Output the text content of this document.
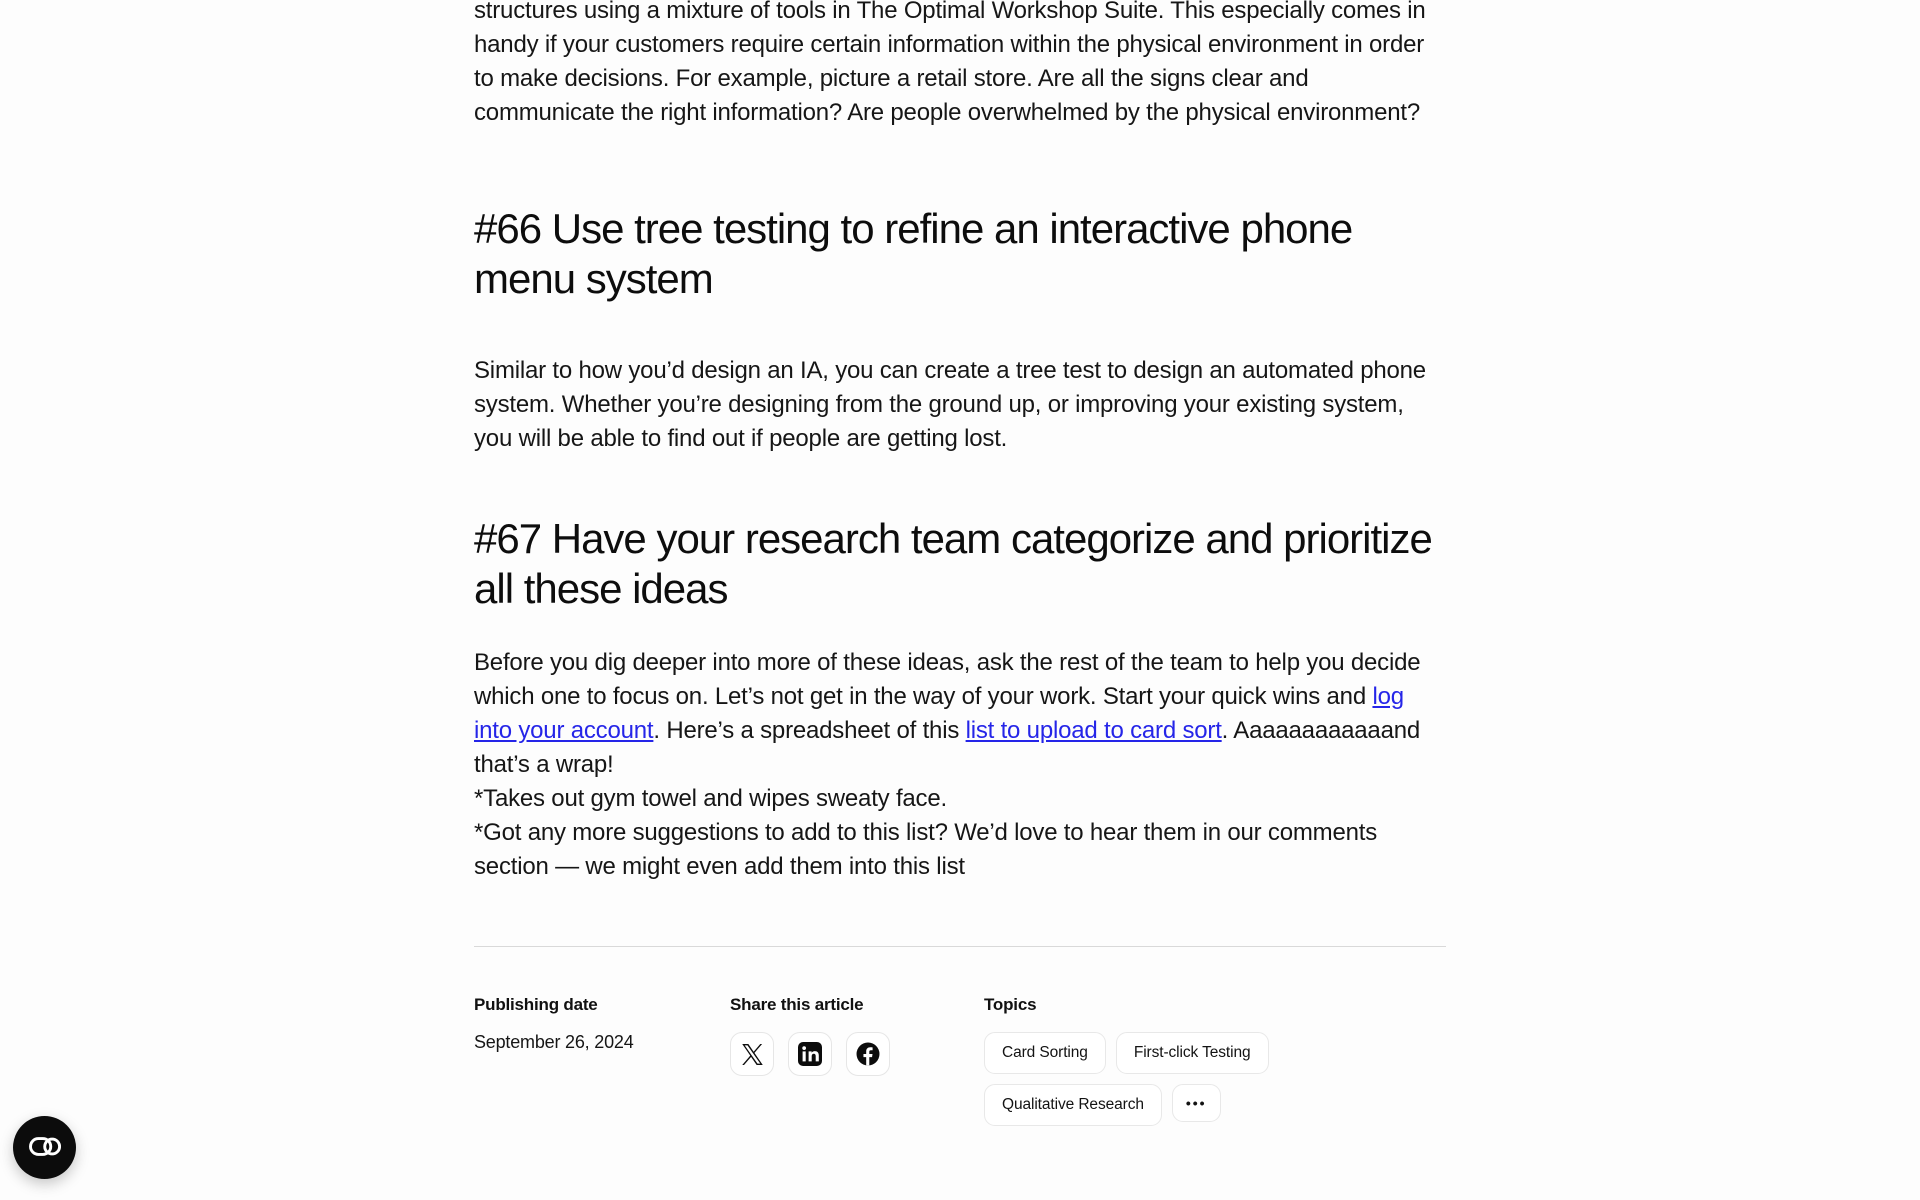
structures using a mixture of tools in The Optimal Workshop Suite. This especially comes in handy if your customers require certain information within the physical environment in order to make decisions. For example, picture a retail store. Are all the signs clear and communicate the right information? Are people overwhelmed by the physical environment?

#66 Use tree testing to refine an interactive phone menu system

Similar to how you’d design an IA, you can create a tree test to design an automated phone system. Whether you’re designing from the ground up, or improving your existing system, you will be able to find out if people are getting lost.

#67 Have your research team categorize and prioritize all these ideas

Before you dig deeper into more of these ideas, ask the rest of the team to help you decide which one to focus on. Let’s not get in the way of your work. Start your quick wins and log into your account. Here’s a spreadsheet of this list to upload to card sort. Aaaaaaaaaaaand that’s a wrap!
*Takes out gym towel and wipes sweaty face.
*Got any more suggestions to add to this list? We’d love to hear them in our comments section — we might even add them into this list

Publishing date
September 26, 2024
Share this article	Topics
Card Sorting	First-click Testing
Qualitative Research	•••
